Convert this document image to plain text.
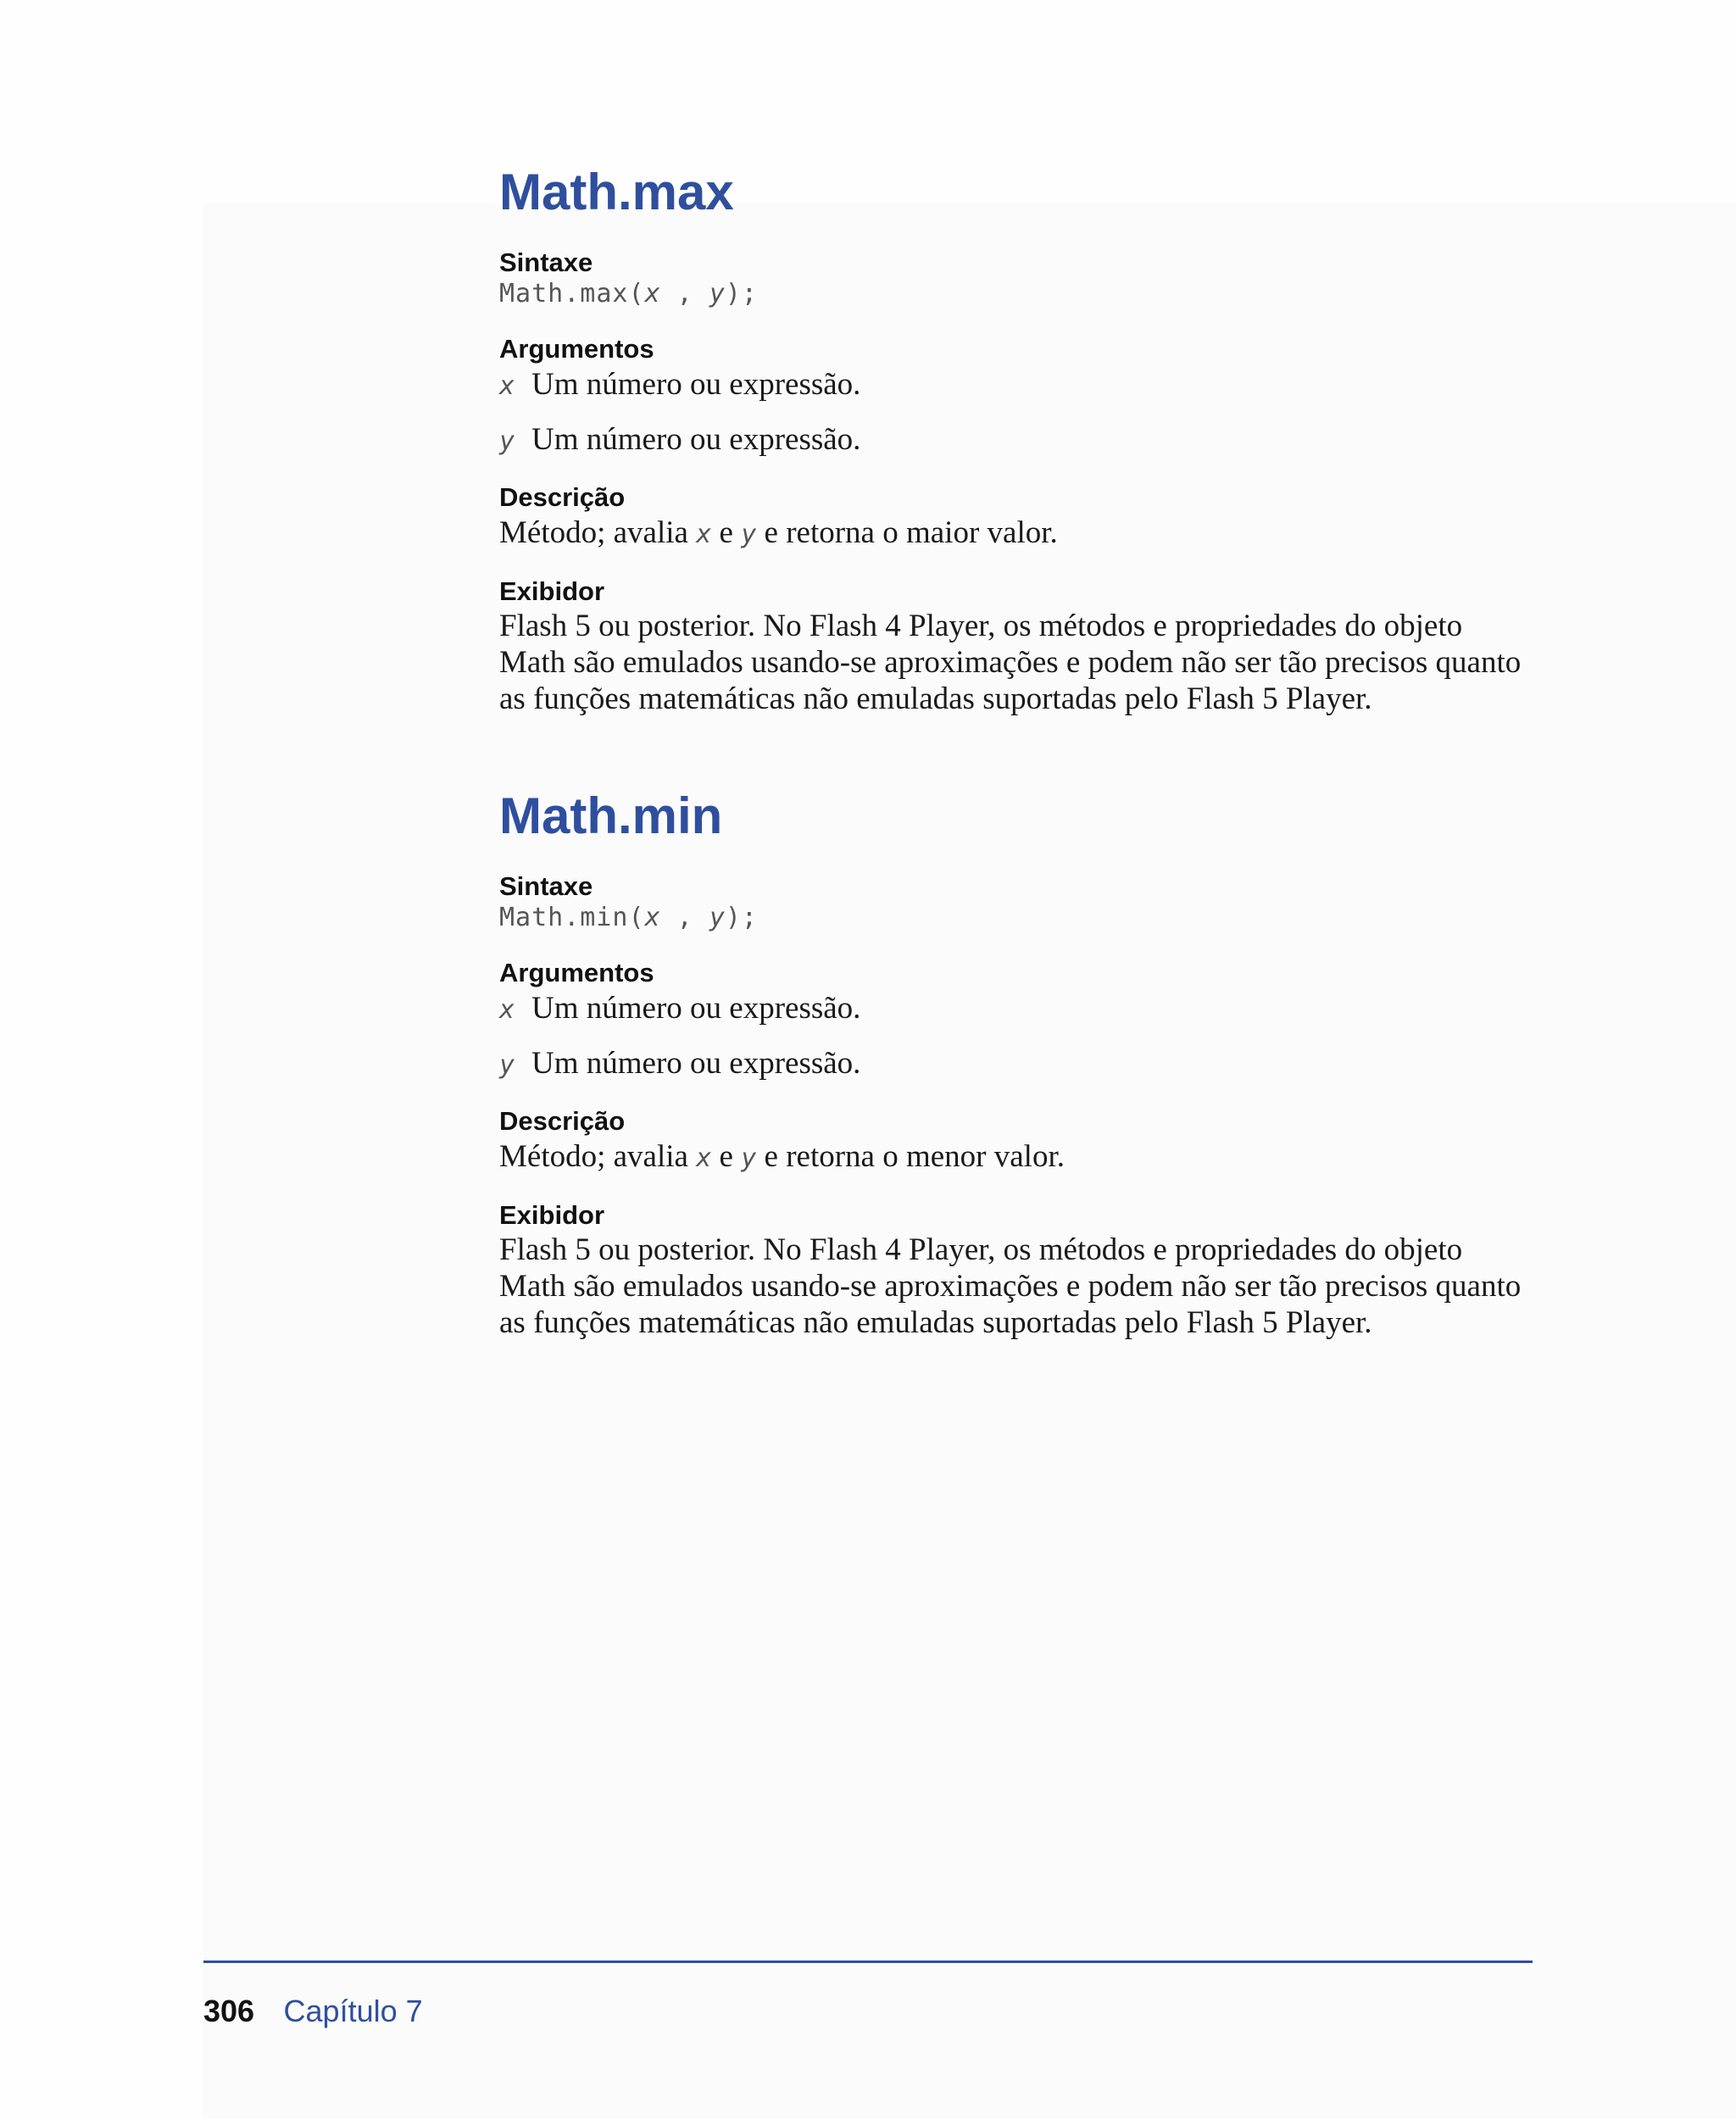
Math.max
Sintaxe
Math.max(x , y);
Argumentos
x Um número ou expressão.
y Um número ou expressão.
Descrição
Método; avalia x e y e retorna o maior valor.
Exibidor
Flash 5 ou posterior. No Flash 4 Player, os métodos e propriedades do objeto
Math são emulados usando-se aproximações e podem não ser tão precisos quanto
as funções matemáticas não emuladas suportadas pelo Flash 5 Player.
Math.min
Sintaxe
Math.min(x , y);
Argumentos
x Um número ou expressão.
y Um número ou expressão.
Descrição
Método; avalia x e y e retorna o menor valor.
Exibidor
Flash 5 ou posterior. No Flash 4 Player, os métodos e propriedades do objeto
Math são emulados usando-se aproximações e podem não ser tão precisos quanto
as funções matemáticas não emuladas suportadas pelo Flash 5 Player.
306 Capítulo 7
